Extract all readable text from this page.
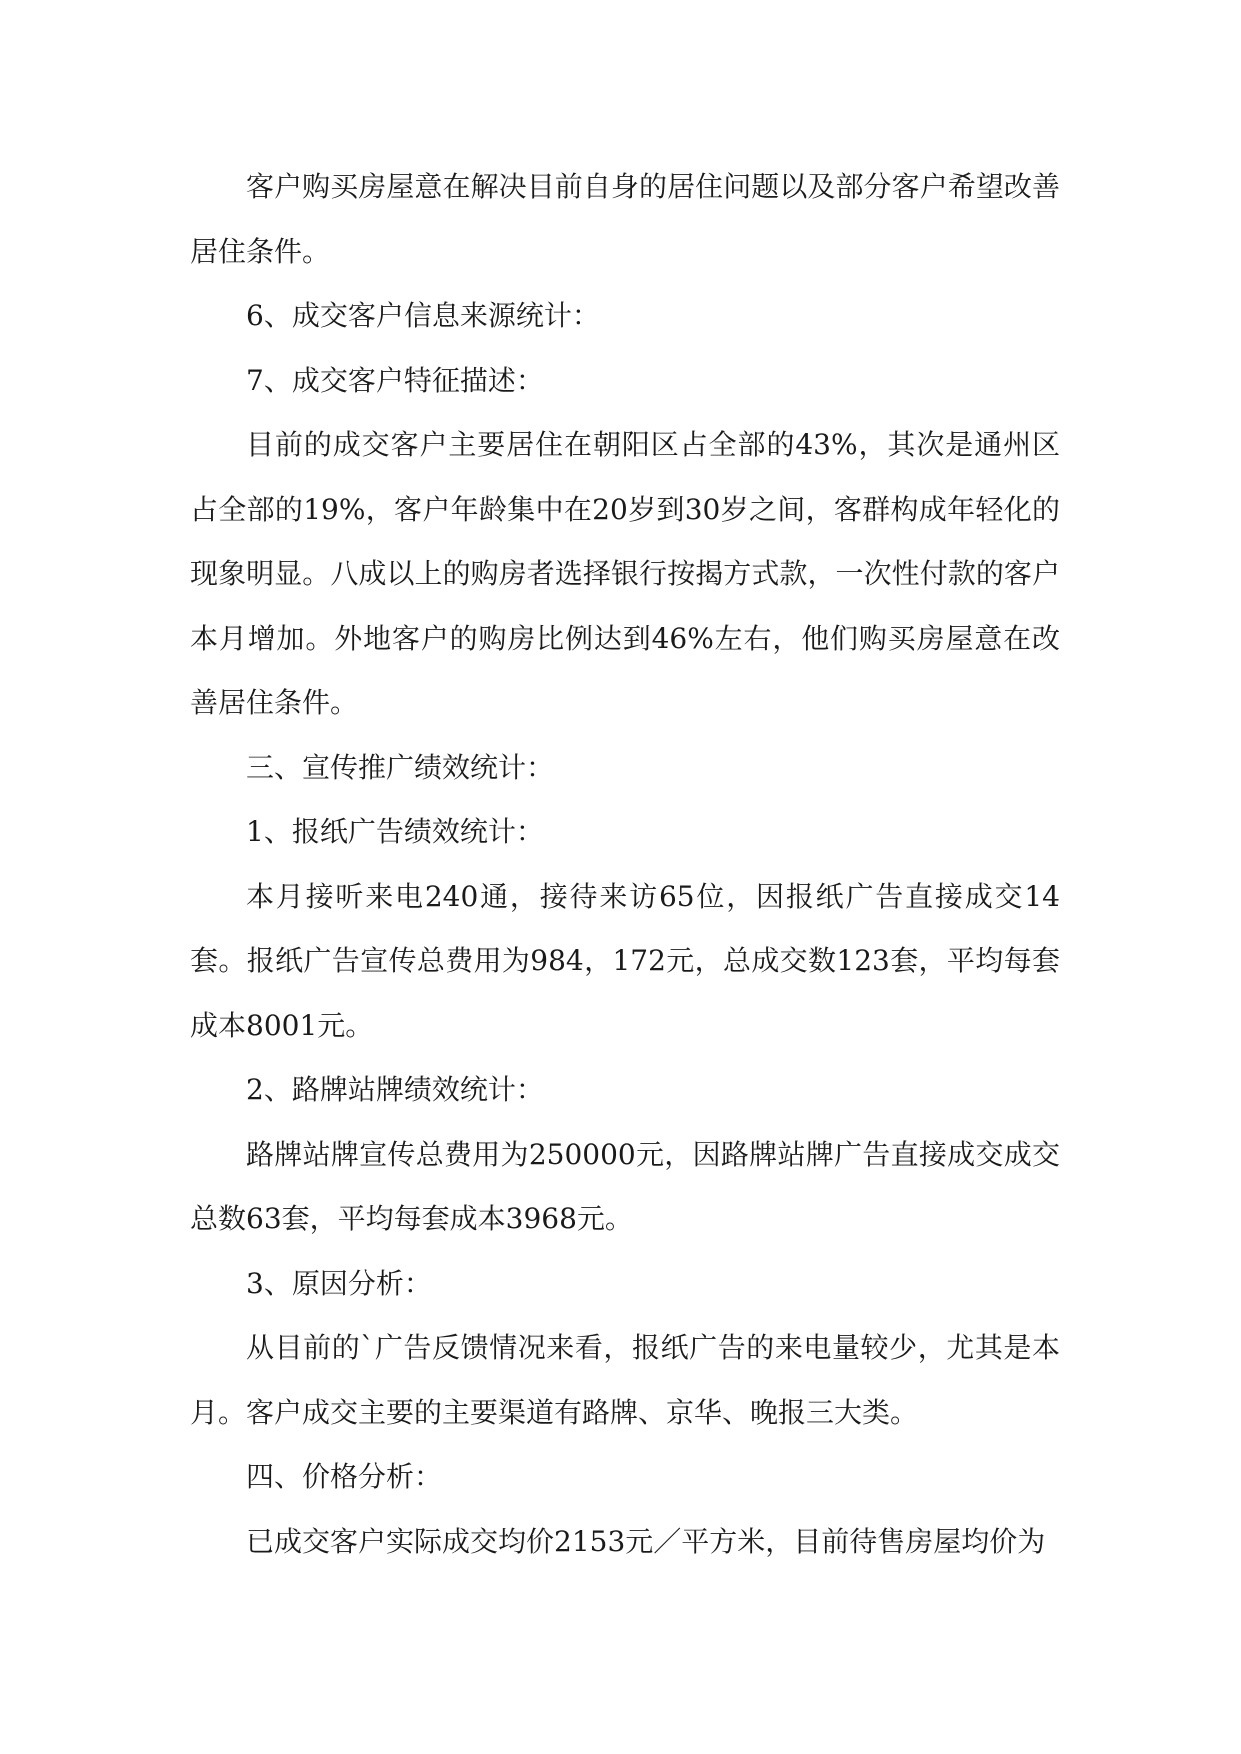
客户购买房屋意在解决目前自身的居住问题以及部分客户希望改善居住条件。

6、成交客户信息来源统计：

7、成交客户特征描述：

目前的成交客户主要居住在朝阳区占全部的43%，其次是通州区占全部的19%，客户年龄集中在20岁到30岁之间，客群构成年轻化的现象明显。八成以上的购房者选择银行按揭方式款，一次性付款的客户本月增加。外地客户的购房比例达到46%左右，他们购买房屋意在改善居住条件。

三、宣传推广绩效统计：

1、报纸广告绩效统计：

本月接听来电240通，接待来访65位，因报纸广告直接成交14套。报纸广告宣传总费用为984，172元，总成交数123套，平均每套成本8001元。

2、路牌站牌绩效统计：

路牌站牌宣传总费用为250000元，因路牌站牌广告直接成交成交总数63套，平均每套成本3968元。

3、原因分析：

从目前的`广告反馈情况来看，报纸广告的来电量较少，尤其是本月。客户成交主要的主要渠道有路牌、京华、晚报三大类。

四、价格分析：

已成交客户实际成交均价2153元／平方米，目前待售房屋均价为
